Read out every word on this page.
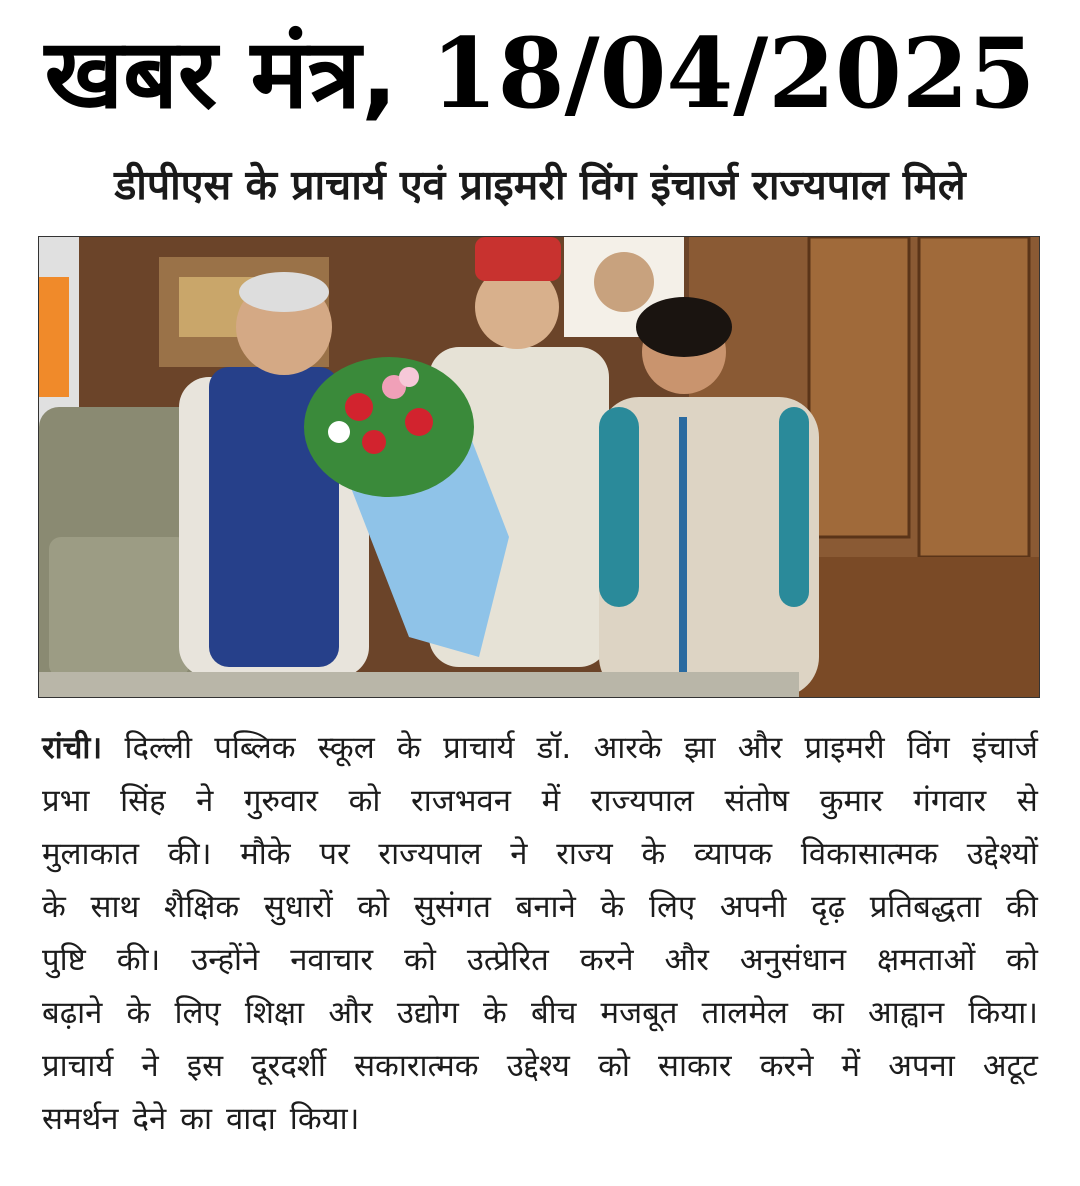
खबर मंत्र, 18/04/2025
डीपीएस के प्राचार्य एवं प्राइमरी विंग इंचार्ज राज्यपाल मिले
रांची। दिल्ली पब्लिक स्कूल के प्राचार्य डॉ. आरके झा और प्राइमरी विंग इंचार्ज
प्रभा सिंह ने गुरुवार को राजभवन में राज्यपाल संतोष कुमार गंगवार से
मुलाकात की। मौके पर राज्यपाल ने राज्य के व्यापक विकासात्मक उद्देश्यों
के साथ शैक्षिक सुधारों को सुसंगत बनाने के लिए अपनी दृढ़ प्रतिबद्धता की
पुष्टि की। उन्होंने नवाचार को उत्प्रेरित करने और अनुसंधान क्षमताओं को
बढ़ाने के लिए शिक्षा और उद्योग के बीच मजबूत तालमेल का आह्वान किया।
प्राचार्य ने इस दूरदर्शी सकारात्मक उद्देश्य को साकार करने में अपना अटूट
समर्थन देने का वादा किया।
